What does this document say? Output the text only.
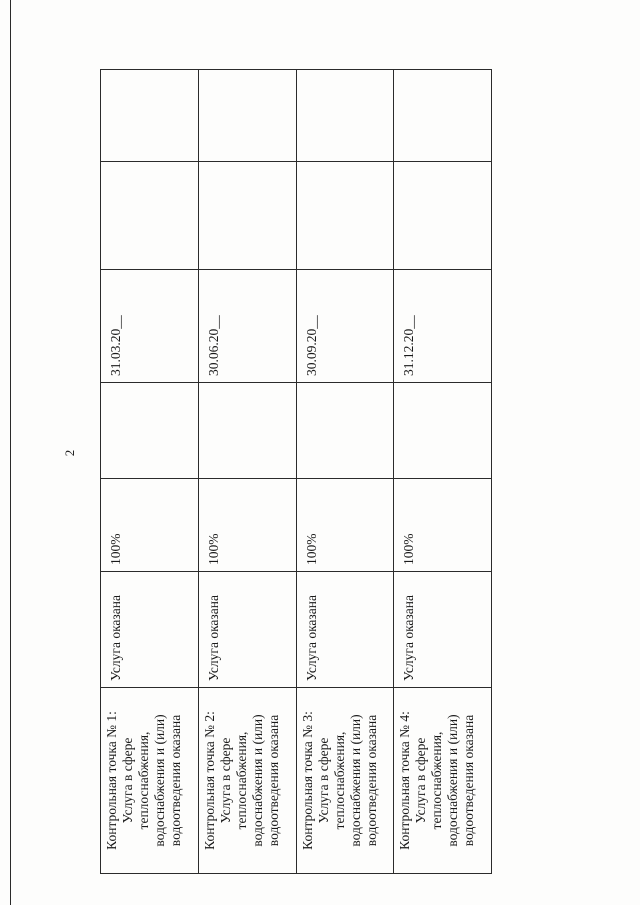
2
Контрольная точка № 1: Услуга в сфере теплоснабжения, водоснабжения и (или) водоотведения оказана	Услуга оказана	100%		31.03.20__		

Контрольная точка № 2: Услуга в сфере теплоснабжения, водоснабжения и (или) водоотведения оказана	Услуга оказана	100%		30.06.20__		

Контрольная точка № 3: Услуга в сфере теплоснабжения, водоснабжения и (или) водоотведения оказана	Услуга оказана	100%		30.09.20__		

Контрольная точка № 4: Услуга в сфере теплоснабжения, водоснабжения и (или) водоотведения оказана	Услуга оказана	100%		31.12.20__		
